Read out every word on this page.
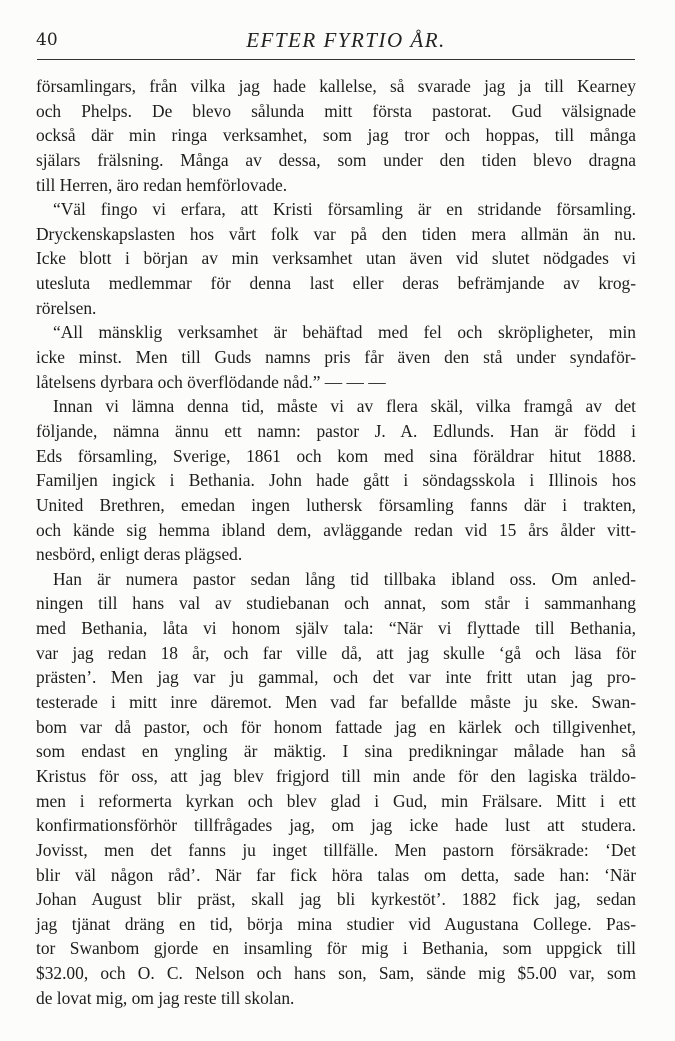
40	EFTER FYRTIO ÅR.

församlingars, från vilka jag hade kallelse, så svarade jag ja till Kearney
och Phelps. De blevo sålunda mitt första pastorat. Gud välsignade
också där min ringa verksamhet, som jag tror och hoppas, till många
själars frälsning. Många av dessa, som under den tiden blevo dragna
till Herren, äro redan hemförlovade.

“Väl fingo vi erfara, att Kristi församling är en stridande församling.
Dryckenskapslasten hos vårt folk var på den tiden mera allmän än nu.
Icke blott i början av min verksamhet utan även vid slutet nödgades vi
utesluta medlemmar för denna last eller deras befrämjande av krog-
rörelsen.

“All mänsklig verksamhet är behäftad med fel och skröpligheter, min
icke minst. Men till Guds namns pris får även den stå under syndaför-
låtelsens dyrbara och överflödande nåd.” — — —

Innan vi lämna denna tid, måste vi av flera skäl, vilka framgå av det
följande, nämna ännu ett namn: pastor J. A. Edlunds. Han är född i
Eds församling, Sverige, 1861 och kom med sina föräldrar hitut 1888.
Familjen ingick i Bethania. John hade gått i söndagsskola i Illinois hos
United Brethren, emedan ingen luthersk församling fanns där i trakten,
och kände sig hemma ibland dem, avläggande redan vid 15 års ålder vitt-
nesbörd, enligt deras plägsed.

Han är numera pastor sedan lång tid tillbaka ibland oss. Om anled-
ningen till hans val av studiebanan och annat, som står i sammanhang
med Bethania, låta vi honom själv tala: “När vi flyttade till Bethania,
var jag redan 18 år, och far ville då, att jag skulle ‘gå och läsa för
prästen’. Men jag var ju gammal, och det var inte fritt utan jag pro-
testerade i mitt inre däremot. Men vad far befallde måste ju ske. Swan-
bom var då pastor, och för honom fattade jag en kärlek och tillgivenhet,
som endast en yngling är mäktig. I sina predikningar målade han så
Kristus för oss, att jag blev frigjord till min ande för den lagiska träldo-
men i reformerta kyrkan och blev glad i Gud, min Frälsare. Mitt i ett
konfirmationsförhör tillfrågades jag, om jag icke hade lust att studera.
Jovisst, men det fanns ju inget tillfälle. Men pastorn försäkrade: ‘Det
blir väl någon råd’. När far fick höra talas om detta, sade han: ‘När
Johan August blir präst, skall jag bli kyrkestöt’. 1882 fick jag, sedan
jag tjänat dräng en tid, börja mina studier vid Augustana College. Pas-
tor Swanbom gjorde en insamling för mig i Bethania, som uppgick till
$32.00, och O. C. Nelson och hans son, Sam, sände mig $5.00 var, som
de lovat mig, om jag reste till skolan.
